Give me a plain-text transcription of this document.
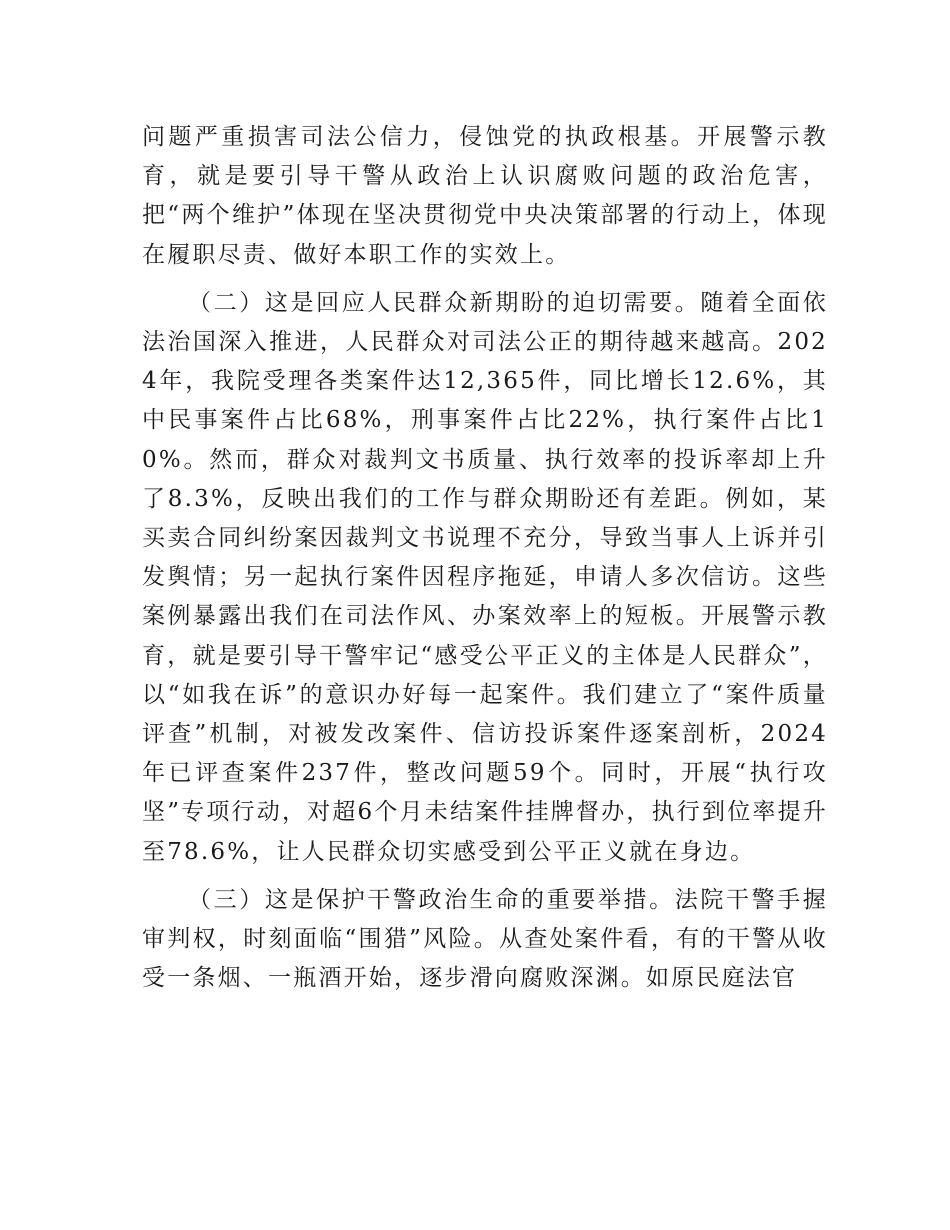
问题严重损害司法公信力，侵蚀党的执政根基。开展警示教育，就是要引导干警从政治上认识腐败问题的政治危害，把“两个维护”体现在坚决贯彻党中央决策部署的行动上，体现在履职尽责、做好本职工作的实效上。

（二）这是回应人民群众新期盼的迫切需要。随着全面依法治国深入推进，人民群众对司法公正的期待越来越高。2024年，我院受理各类案件达12,365件，同比增长12.6%，其中民事案件占比68%，刑事案件占比22%，执行案件占比10%。然而，群众对裁判文书质量、执行效率的投诉率却上升了8.3%，反映出我们的工作与群众期盼还有差距。例如，某买卖合同纠纷案因裁判文书说理不充分，导致当事人上诉并引发舆情；另一起执行案件因程序拖延，申请人多次信访。这些案例暴露出我们在司法作风、办案效率上的短板。开展警示教育，就是要引导干警牢记“感受公平正义的主体是人民群众”，以“如我在诉”的意识办好每一起案件。我们建立了“案件质量评查”机制，对被发改案件、信访投诉案件逐案剖析，2024年已评查案件237件，整改问题59个。同时，开展“执行攻坚”专项行动，对超6个月未结案件挂牌督办，执行到位率提升至78.6%，让人民群众切实感受到公平正义就在身边。

（三）这是保护干警政治生命的重要举措。法院干警手握审判权，时刻面临“围猎”风险。从查处案件看，有的干警从收受一条烟、一瓶酒开始，逐步滑向腐败深渊。如原民庭法官
